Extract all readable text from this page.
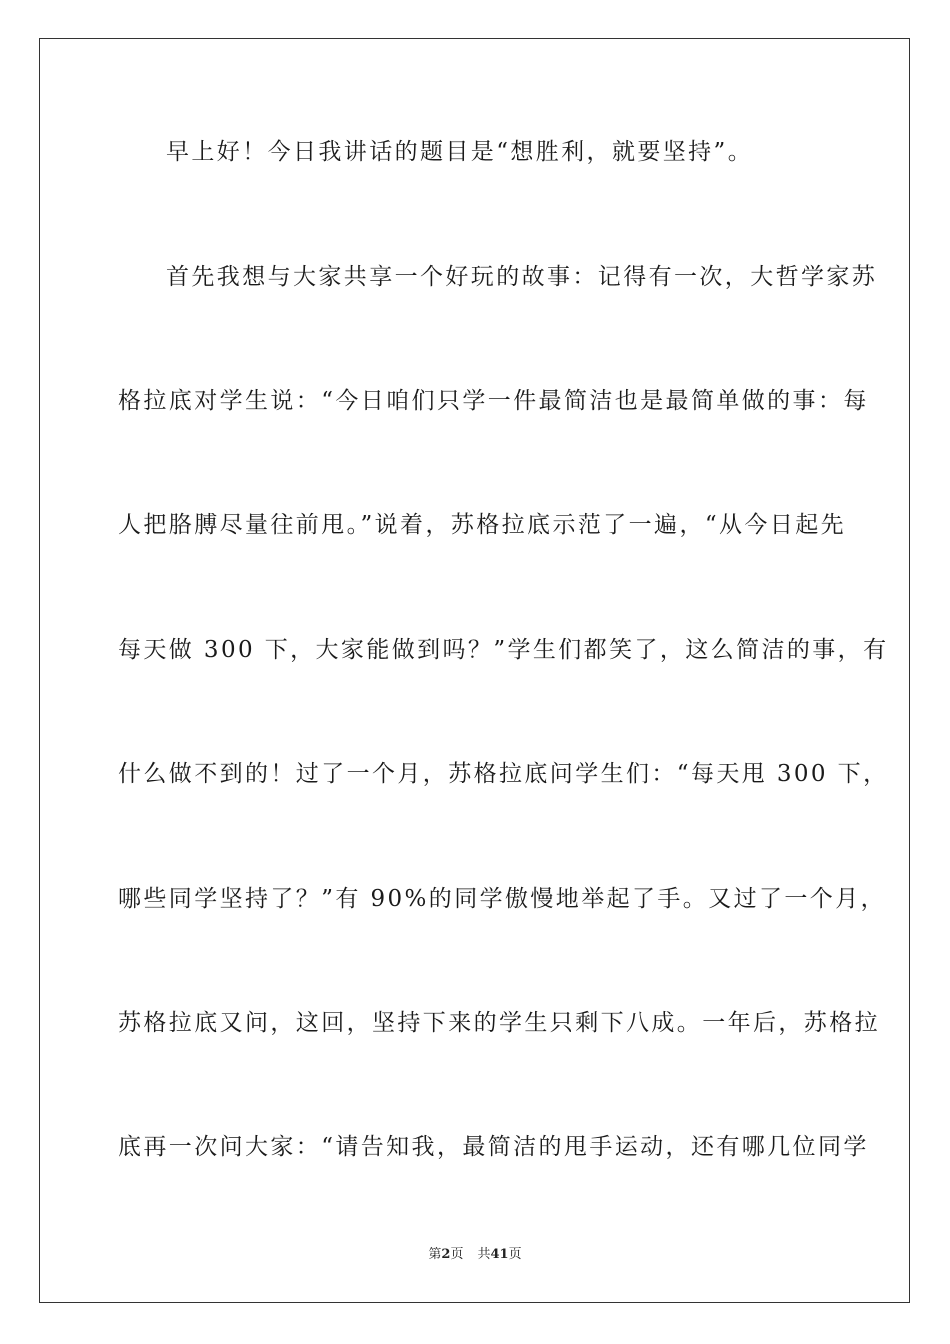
早上好！今日我讲话的题目是“想胜利，就要坚持”。
首先我想与大家共享一个好玩的故事：记得有一次，大哲学家苏
格拉底对学生说：“今日咱们只学一件最简洁也是最简单做的事：每
人把胳膊尽量往前甩。”说着，苏格拉底示范了一遍，“从今日起先
每天做 300 下，大家能做到吗？”学生们都笑了，这么简洁的事，有
什么做不到的！过了一个月，苏格拉底问学生们：“每天甩 300 下，
哪些同学坚持了？”有 90%的同学傲慢地举起了手。又过了一个月，
苏格拉底又问，这回，坚持下来的学生只剩下八成。一年后，苏格拉
底再一次问大家：“请告知我，最简洁的甩手运动，还有哪几位同学
第2页 共41页
